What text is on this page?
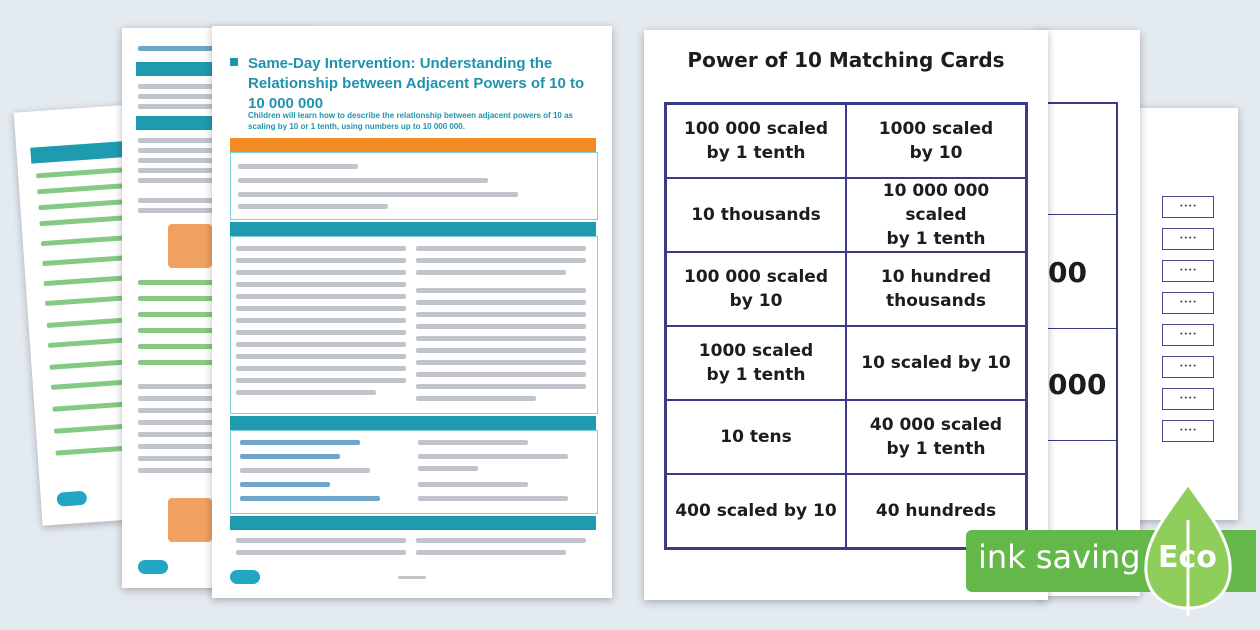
Same-Day Intervention: Understanding the Relationship between Adjacent Powers of 10 to 10 000 000
Children will learn how to describe the relationship between adjacent powers of 10 as scaling by 10 or 1 tenth, using numbers up to 10 000 000.
• • • •
• • • •
• • • •
• • • •
• • • •
• • • •
• • • •
• • • •
00
000
Power of 10 Matching Cards
100 000 scaled
by 1 tenth
1000 scaled
by 10
10 thousands
10 000 000 scaled
by 1 tenth
100 000 scaled
by 10
10 hundred
thousands
1000 scaled
by 1 tenth
10 scaled by 10
10 tens
40 000 scaled
by 1 tenth
400 scaled by 10	40 hundreds
ink saving Eco
